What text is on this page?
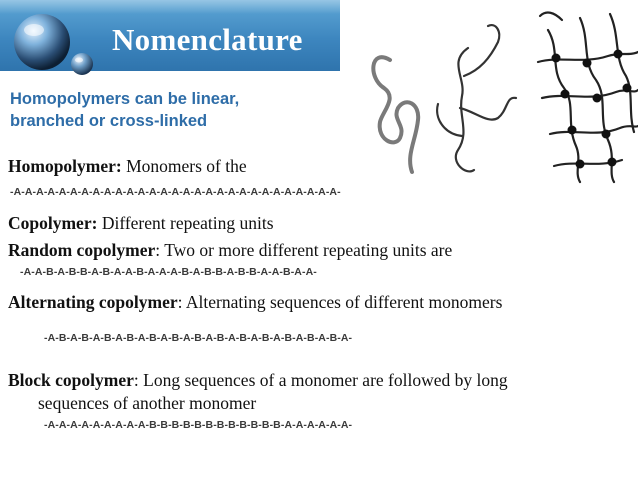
Nomenclature
Homopolymers can be linear,
branched or cross-linked
Homopolymer: Monomers of the
-A-A-A-A-A-A-A-A-A-A-A-A-A-A-A-A-A-A-A-A-A-A-A-A-A-A-A-A-A-
Copolymer: Different repeating units
Random copolymer: Two or more different repeating units are
-A-A-B-A-B-B-A-B-A-A-B-A-A-A-B-A-B-B-A-B-B-A-A-B-A-A-
Alternating copolymer: Alternating sequences of different monomers
-A-B-A-B-A-B-A-B-A-B-A-B-A-B-A-B-A-B-A-B-A-B-A-B-A-B-A-
Block copolymer: Long sequences of a monomer are followed by long
sequences of another monomer
-A-A-A-A-A-A-A-A-A-B-B-B-B-B-B-B-B-B-B-B-B-A-A-A-A-A-A-
